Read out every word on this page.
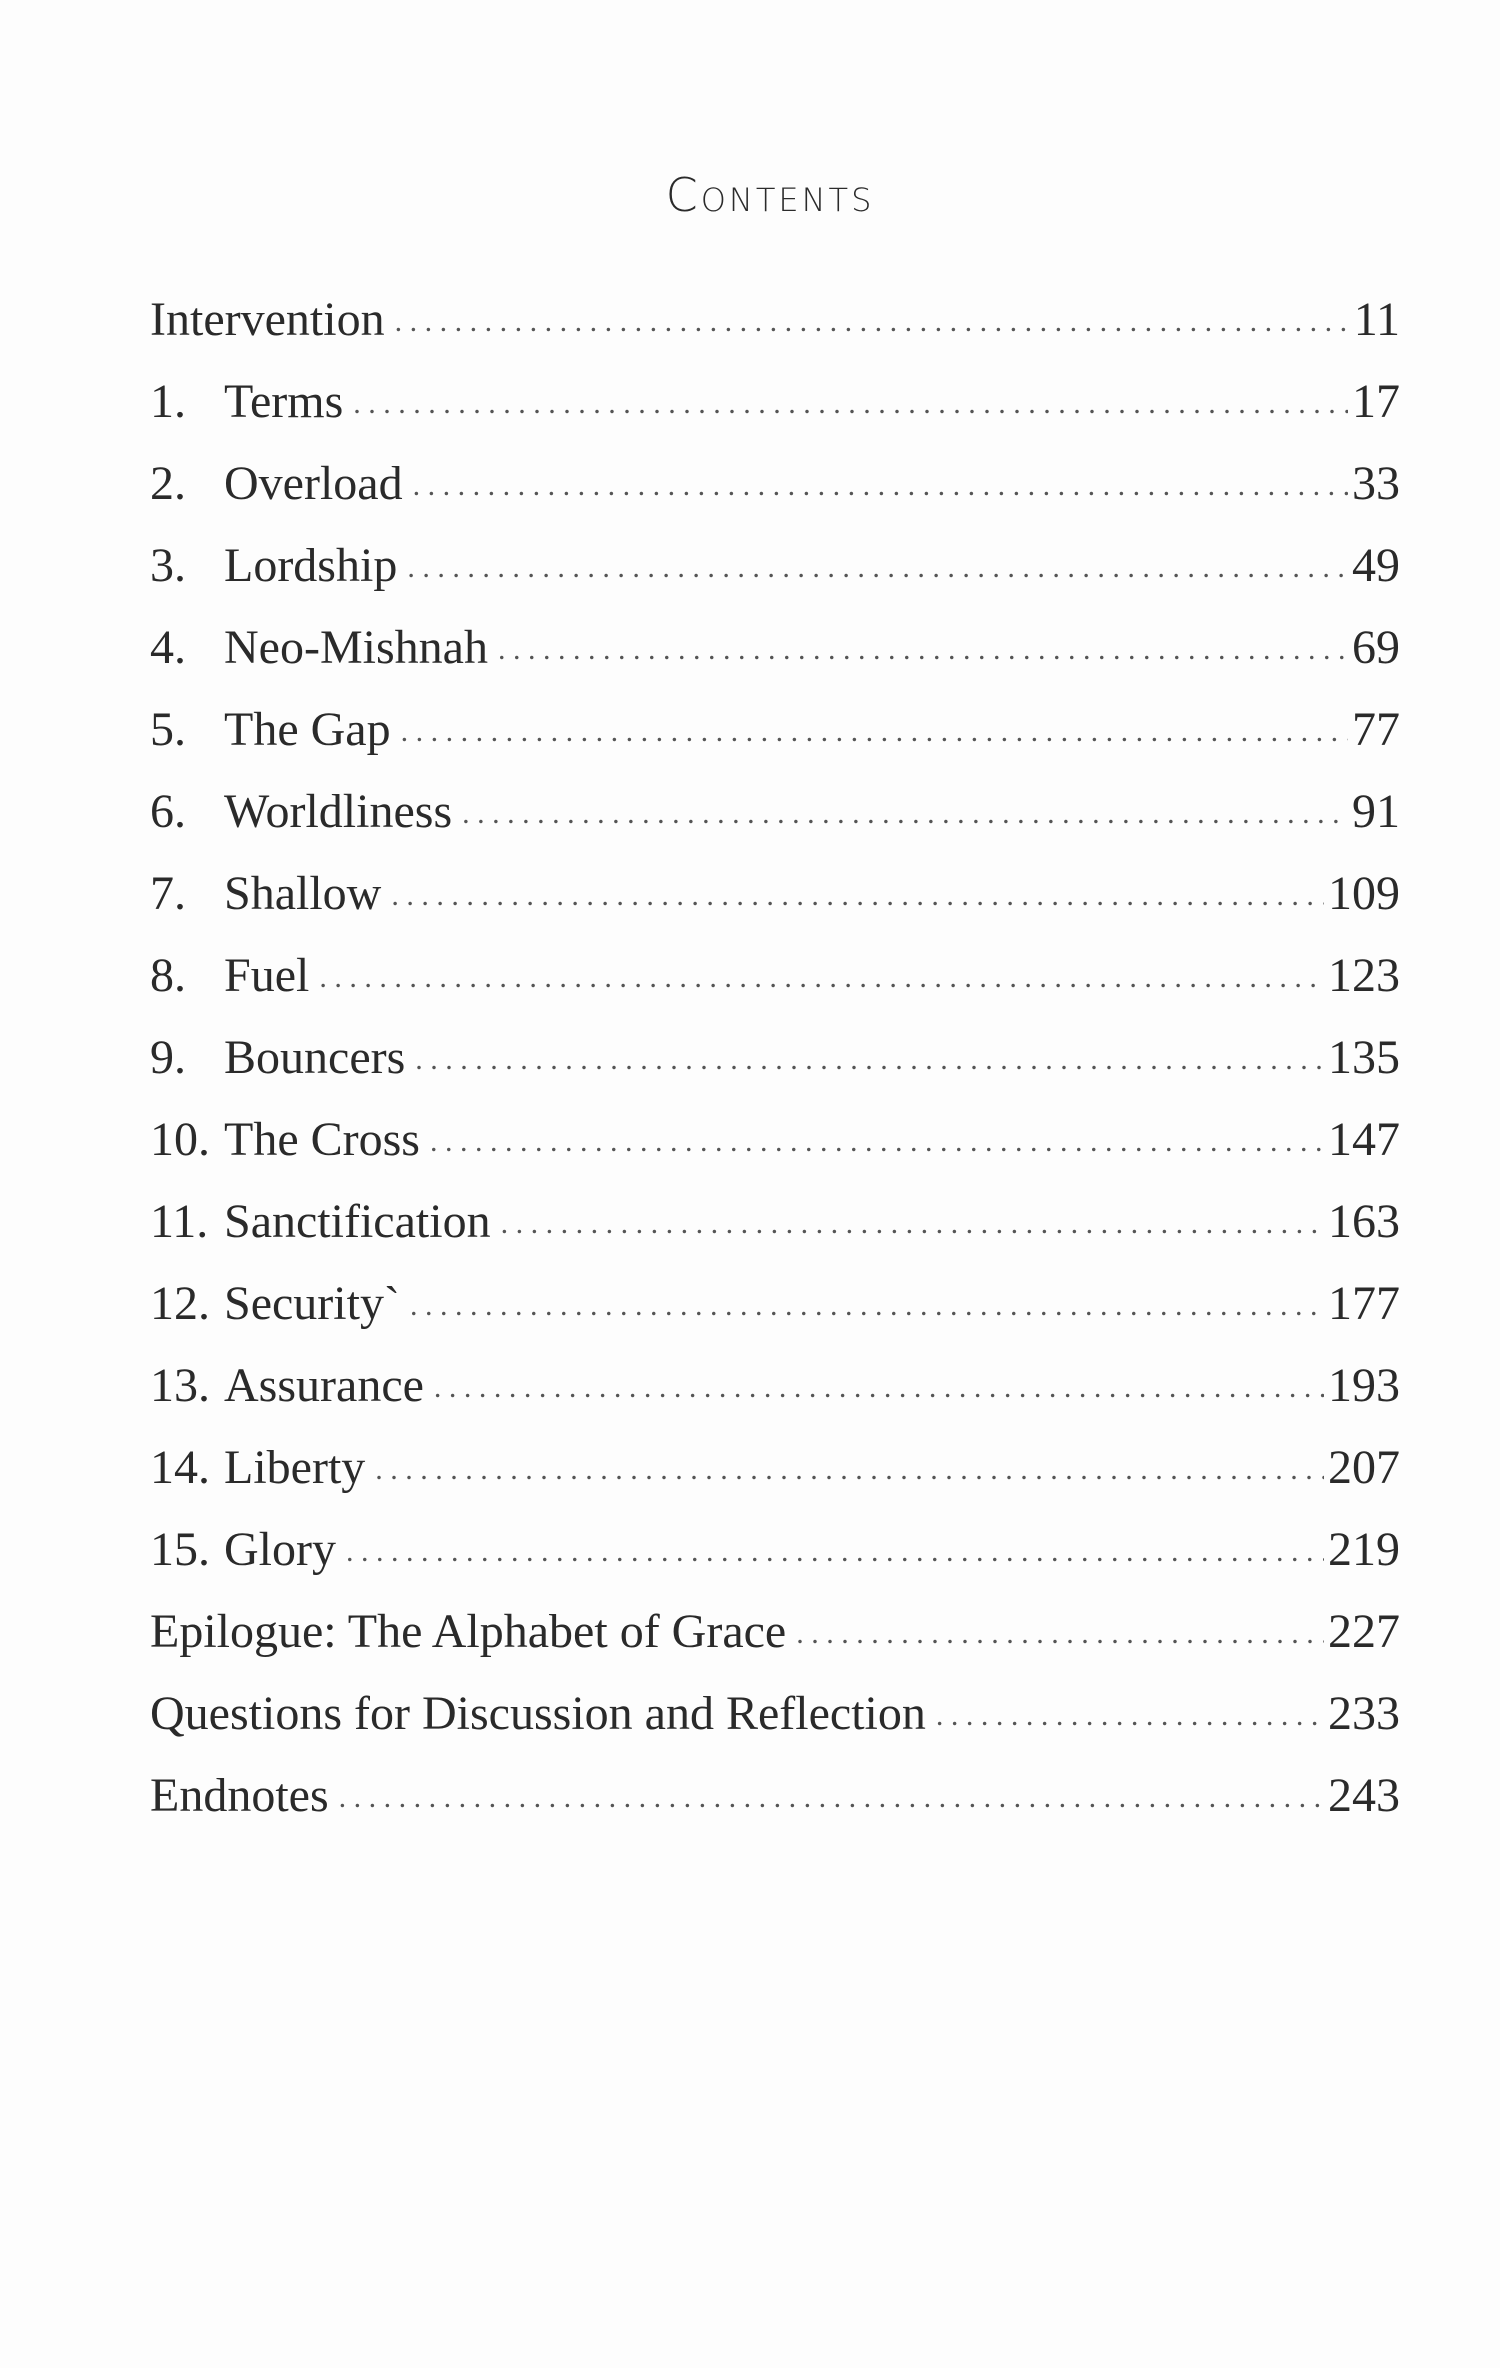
Contents
Intervention . . .	11
1. Terms . . .	17
2. Overload . . .	33
3. Lordship . . .	49
4. Neo-Mishnah . . .	69
5. The Gap . . .	77
6. Worldliness . . .	91
7. Shallow . . .	109
8. Fuel . . .	123
9. Bouncers . . .	135
10. The Cross . . .	147
11. Sanctification . . .	163
12. Security` . . .	177
13. Assurance . . .	193
14. Liberty . . .	207
15. Glory . . .	219
Epilogue: The Alphabet of Grace . . .	227
Questions for Discussion and Reflection . . .	233
Endnotes . . .	243
